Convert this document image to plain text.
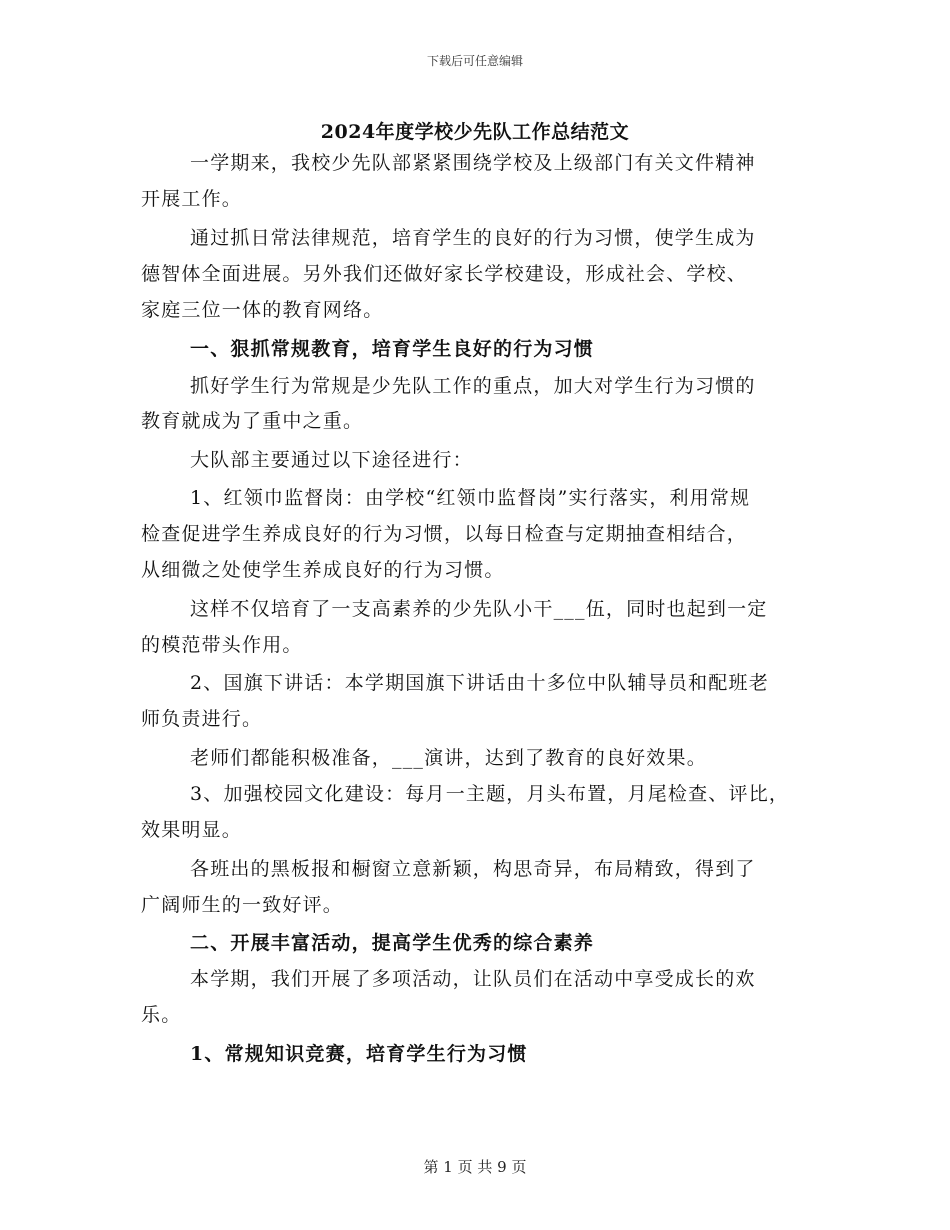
下载后可任意编辑
2024年度学校少先队工作总结范文
一学期来，我校少先队部紧紧围绕学校及上级部门有关文件精神
开展工作。
通过抓日常法律规范，培育学生的良好的行为习惯，使学生成为
德智体全面进展。另外我们还做好家长学校建设，形成社会、学校、
家庭三位一体的教育网络。
一、狠抓常规教育，培育学生良好的行为习惯
抓好学生行为常规是少先队工作的重点，加大对学生行为习惯的
教育就成为了重中之重。
大队部主要通过以下途径进行：
1、红领巾监督岗：由学校“红领巾监督岗”实行落实，利用常规
检查促进学生养成良好的行为习惯，以每日检查与定期抽查相结合，
从细微之处使学生养成良好的行为习惯。
这样不仅培育了一支高素养的少先队小干___伍，同时也起到一定
的模范带头作用。
2、国旗下讲话：本学期国旗下讲话由十多位中队辅导员和配班老
师负责进行。
老师们都能积极准备，___演讲，达到了教育的良好效果。
3、加强校园文化建设：每月一主题，月头布置，月尾检查、评比，
效果明显。
各班出的黑板报和橱窗立意新颖，构思奇异，布局精致，得到了
广阔师生的一致好评。
二、开展丰富活动，提高学生优秀的综合素养
本学期，我们开展了多项活动，让队员们在活动中享受成长的欢
乐。
1、常规知识竞赛，培育学生行为习惯
第 1 页 共 9 页
